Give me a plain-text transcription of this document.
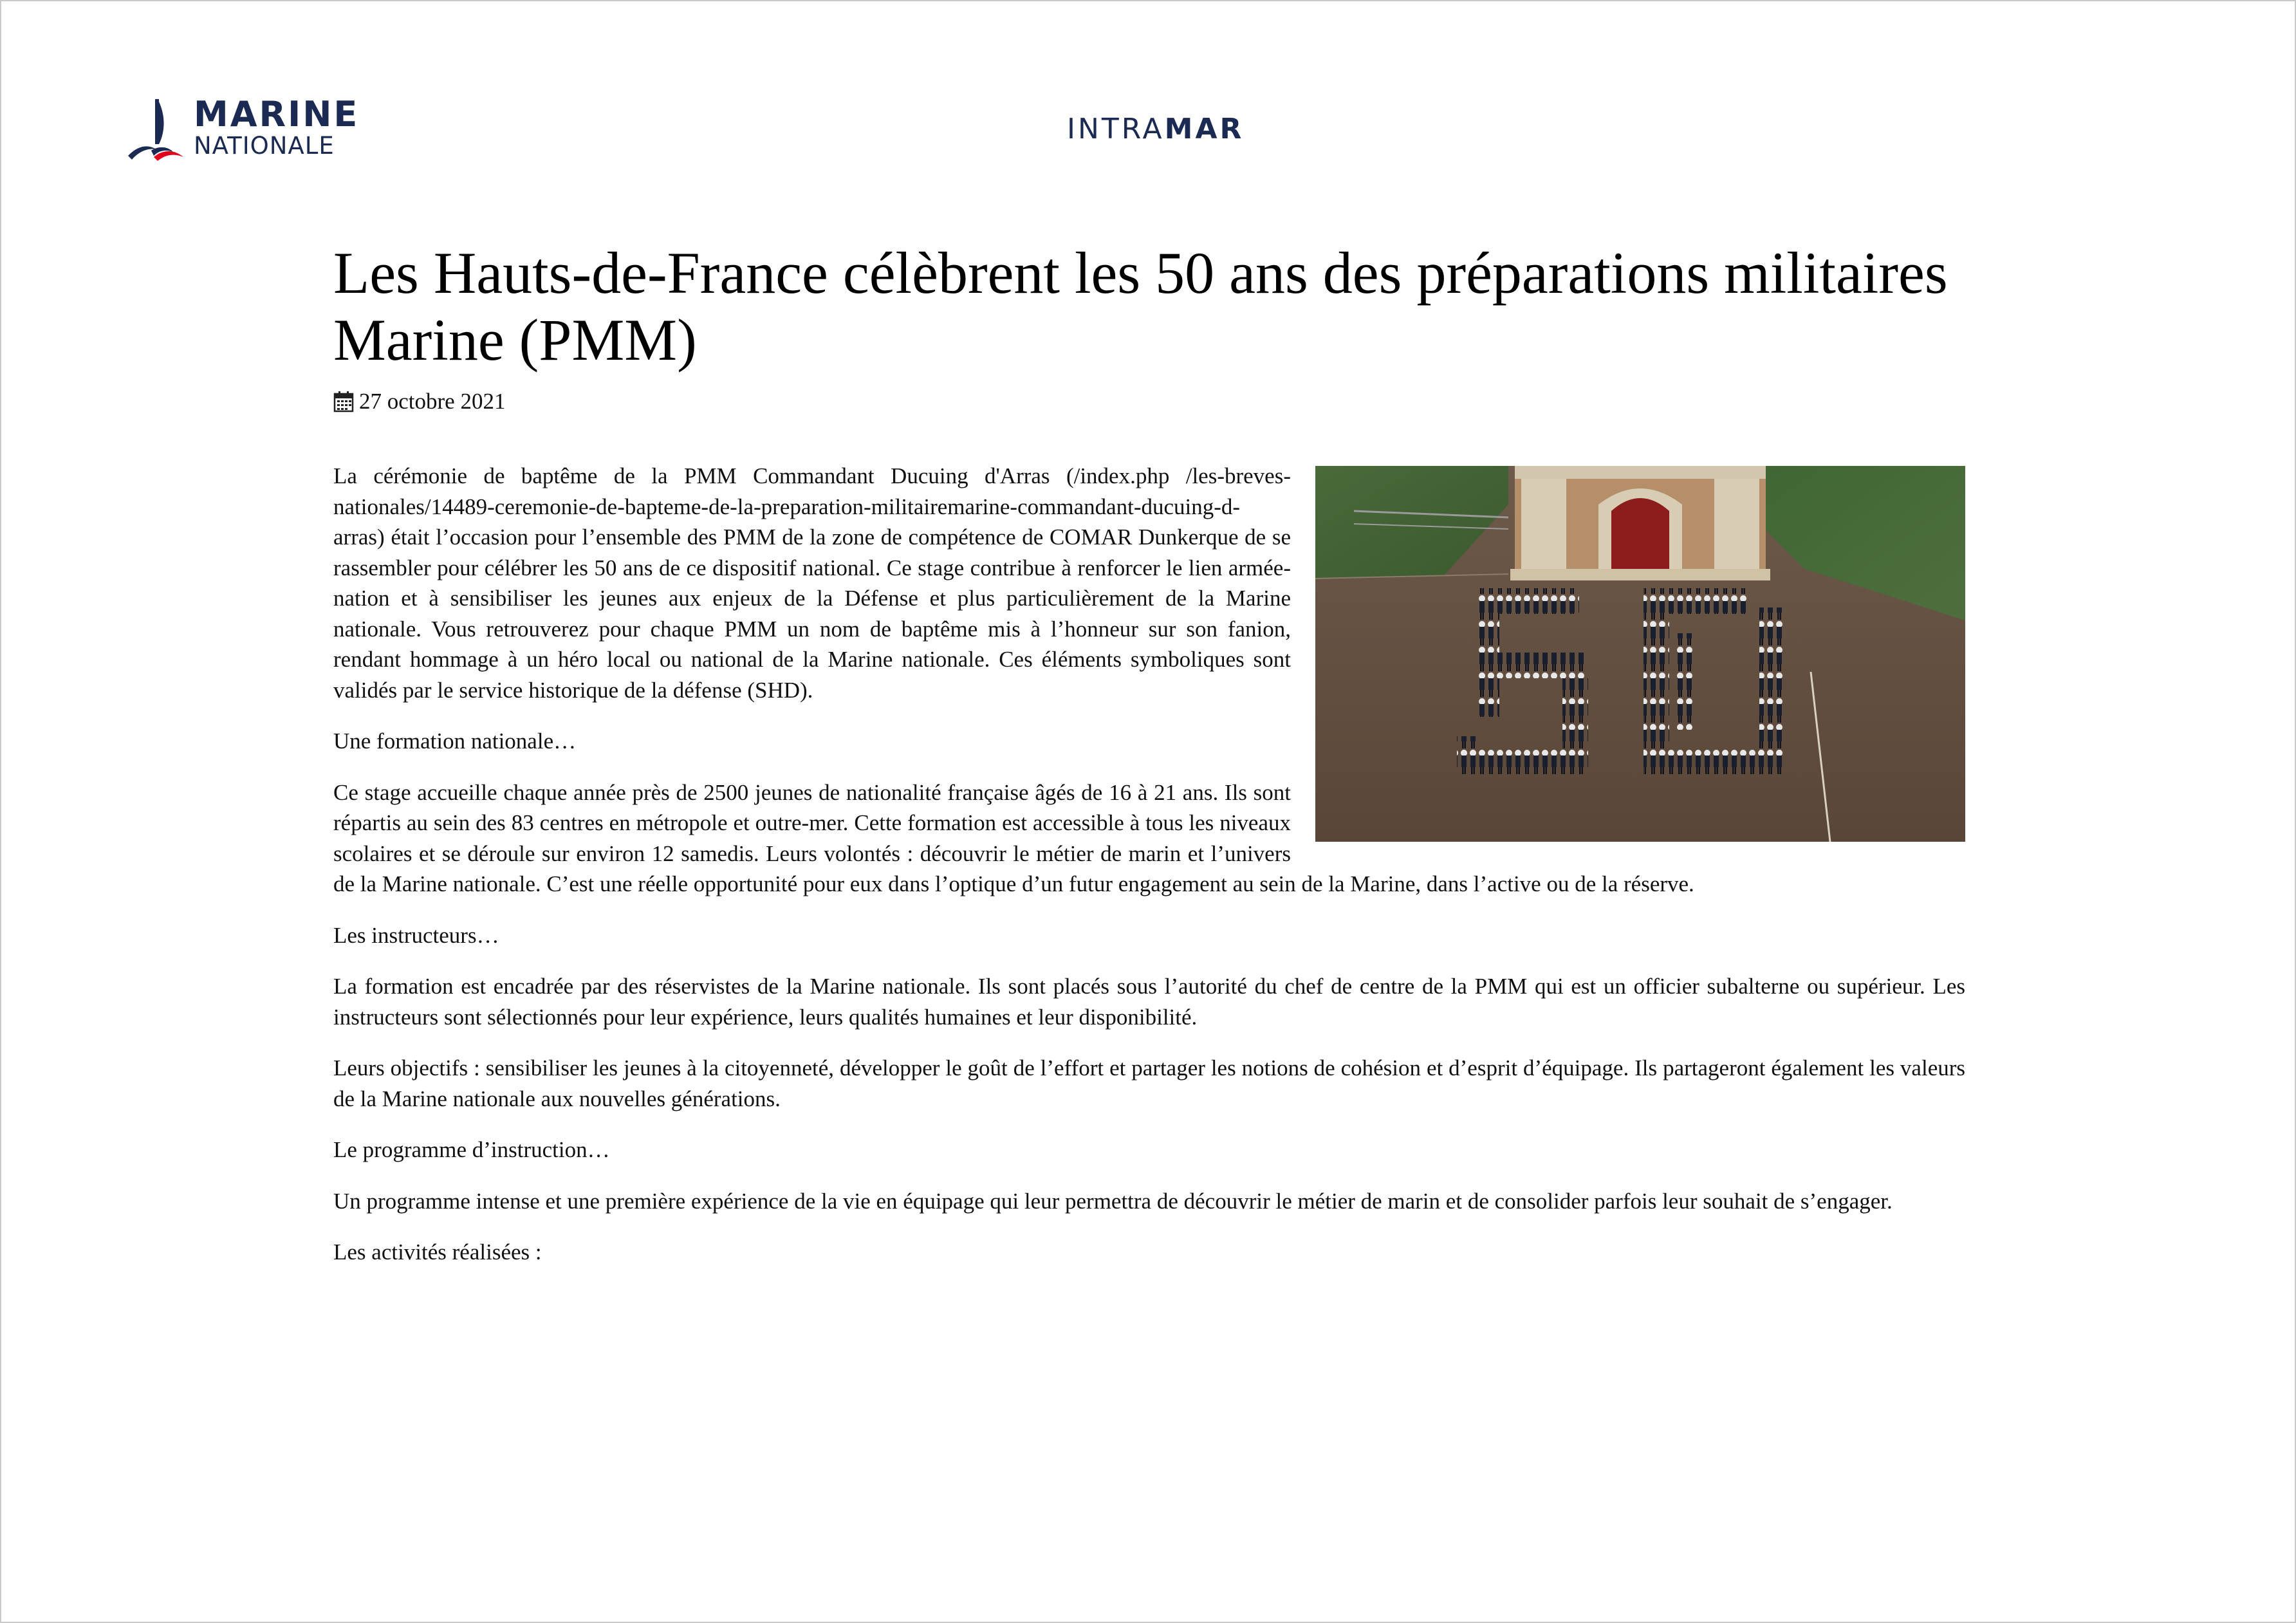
MARINE
NATIONALE
INTRAMAR
Les Hauts-de-France célèbrent les 50 ans des préparations militaires Marine (PMM)
27 octobre 2021

La cérémonie de baptême de la PMM Commandant Ducuing d'Arras (/index.php /les-breves-nationales/14489-ceremonie-de-bapteme-de-la-preparation-militairemarine-commandant-ducuing-d-arras) était l’occasion pour l’ensemble des PMM de la zone de compétence de COMAR Dunkerque de se rassembler pour célébrer les 50 ans de ce dispositif national. Ce stage contribue à renforcer le lien armée-nation et à sensibiliser les jeunes aux enjeux de la Défense et plus particulièrement de la Marine nationale. Vous retrouverez pour chaque PMM un nom de baptême mis à l’honneur sur son fanion, rendant hommage à un héro local ou national de la Marine nationale. Ces éléments symboliques sont validés par le service historique de la défense (SHD).

Une formation nationale…

Ce stage accueille chaque année près de 2500 jeunes de nationalité française âgés de 16 à 21 ans. Ils sont répartis au sein des 83 centres en métropole et outre-mer. Cette formation est accessible à tous les niveaux scolaires et se déroule sur environ 12 samedis. Leurs volontés : découvrir le métier de marin et l’univers de la Marine nationale. C’est une réelle opportunité pour eux dans l’optique d’un futur engagement au sein de la Marine, dans l’active ou de la réserve.

Les instructeurs…

La formation est encadrée par des réservistes de la Marine nationale. Ils sont placés sous l’autorité du chef de centre de la PMM qui est un officier subalterne ou supérieur. Les instructeurs sont sélectionnés pour leur expérience, leurs qualités humaines et leur disponibilité.

Leurs objectifs : sensibiliser les jeunes à la citoyenneté, développer le goût de l’effort et partager les notions de cohésion et d’esprit d’équipage. Ils partageront également les valeurs de la Marine nationale aux nouvelles générations.

Le programme d’instruction…

Un programme intense et une première expérience de la vie en équipage qui leur permettra de découvrir le métier de marin et de consolider parfois leur souhait de s’engager.

Les activités réalisées :
